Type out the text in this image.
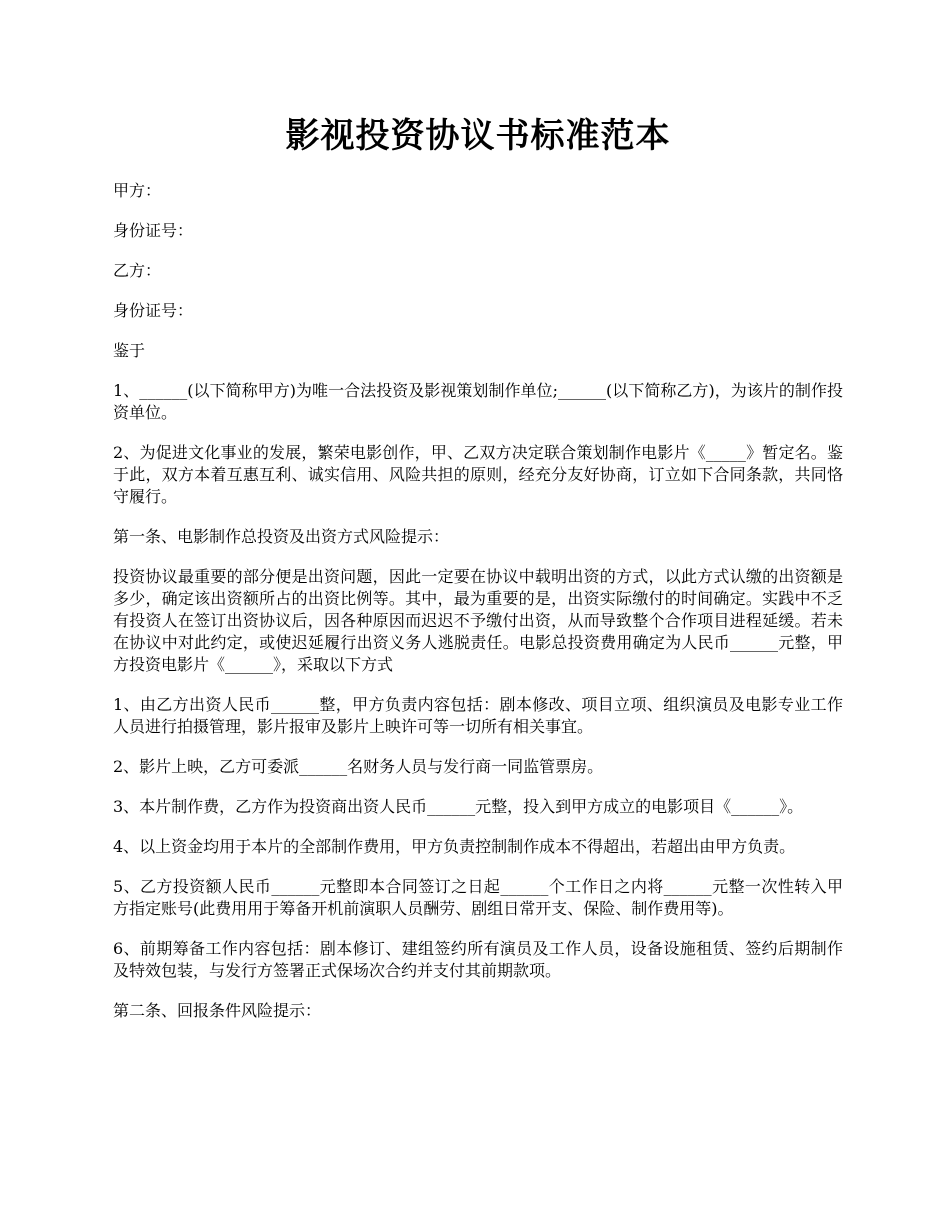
影视投资协议书标准范本

甲方：

身份证号：

乙方：

身份证号：

鉴于

1、______(以下简称甲方)为唯一合法投资及影视策划制作单位;______(以下简称乙方)，为该片的制作投资单位。

2、为促进文化事业的发展，繁荣电影创作，甲、乙双方决定联合策划制作电影片《_____》暂定名。鉴于此，双方本着互惠互利、诚实信用、风险共担的原则，经充分友好协商，订立如下合同条款，共同恪守履行。

第一条、电影制作总投资及出资方式风险提示：

投资协议最重要的部分便是出资问题，因此一定要在协议中载明出资的方式，以此方式认缴的出资额是多少，确定该出资额所占的出资比例等。其中，最为重要的是，出资实际缴付的时间确定。实践中不乏有投资人在签订出资协议后，因各种原因而迟迟不予缴付出资，从而导致整个合作项目进程延缓。若未在协议中对此约定，或使迟延履行出资义务人逃脱责任。电影总投资费用确定为人民币______元整，甲方投资电影片《______》，采取以下方式

1、由乙方出资人民币______整，甲方负责内容包括：剧本修改、项目立项、组织演员及电影专业工作人员进行拍摄管理，影片报审及影片上映许可等一切所有相关事宜。

2、影片上映，乙方可委派______名财务人员与发行商一同监管票房。

3、本片制作费，乙方作为投资商出资人民币______元整，投入到甲方成立的电影项目《______》。

4、以上资金均用于本片的全部制作费用，甲方负责控制制作成本不得超出，若超出由甲方负责。

5、乙方投资额人民币______元整即本合同签订之日起______个工作日之内将______元整一次性转入甲方指定账号(此费用用于筹备开机前演职人员酬劳、剧组日常开支、保险、制作费用等)。

6、前期筹备工作内容包括：剧本修订、建组签约所有演员及工作人员，设备设施租赁、签约后期制作及特效包装，与发行方签署正式保场次合约并支付其前期款项。

第二条、回报条件风险提示：
